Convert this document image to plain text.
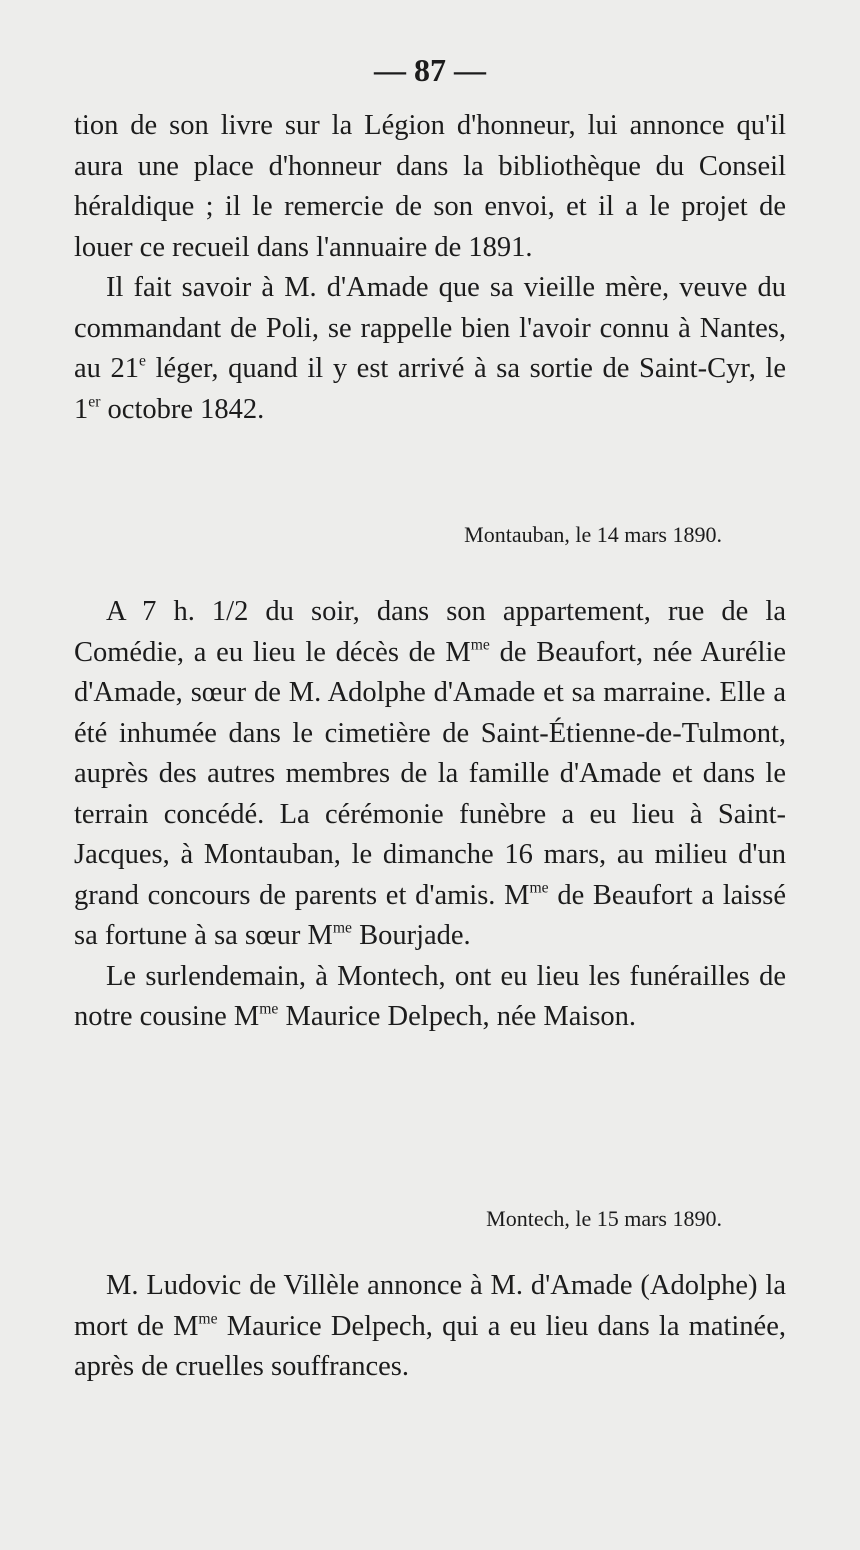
— 87 —

tion de son livre sur la Légion d'honneur, lui annonce qu'il aura une place d'honneur dans la bibliothèque du Conseil héraldique ; il le remercie de son envoi, et il a le projet de louer ce recueil dans l'annuaire de 1891.

Il fait savoir à M. d'Amade que sa vieille mère, veuve du commandant de Poli, se rappelle bien l'avoir connu à Nantes, au 21e léger, quand il y est arrivé à sa sortie de Saint-Cyr, le 1er octobre 1842.

Montauban, le 14 mars 1890.

A 7 h. 1/2 du soir, dans son appartement, rue de la Comédie, a eu lieu le décès de $M^{me}$ de Beaufort, née Aurélie d'Amade, sœur de M. Adolphe d'Amade et sa marraine. Elle a été inhumée dans le cimetière de Saint-Étienne-de-Tulmont, auprès des autres membres de la famille d'Amade et dans le terrain concédé. La cérémonie funèbre a eu lieu à Saint-Jacques, à Montauban, le dimanche 16 mars, au milieu d'un grand concours de parents et d'amis. $M^{me}$ de Beaufort a laissé sa fortune à sa sœur $M^{me}$ Bourjade.

Le surlendemain, à Montech, ont eu lieu les funérailles de notre cousine $M^{me}$ Maurice Delpech, née Maison.

Montech, le 15 mars 1890.

M. Ludovic de Villèle annonce à M. d'Amade (Adolphe) la mort de $M^{me}$ Maurice Delpech, qui a eu lieu dans la matinée, après de cruelles souffrances.
